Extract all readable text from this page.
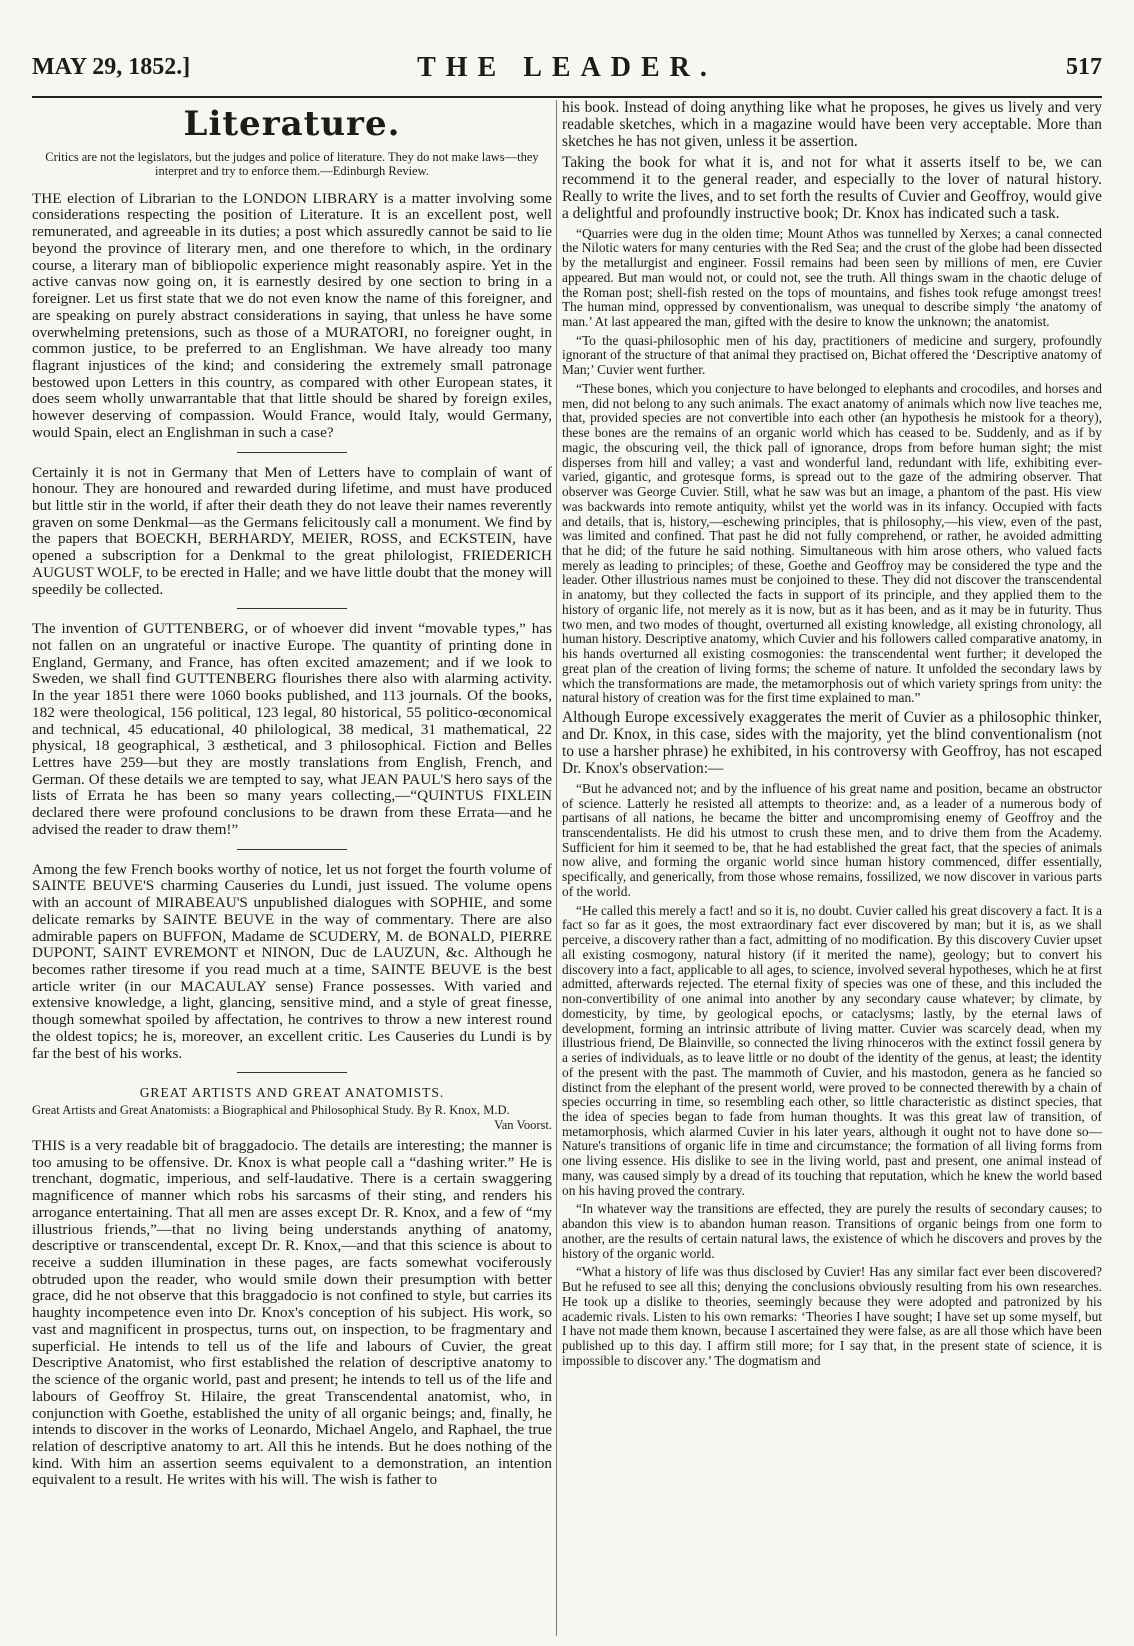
MAY 29, 1852.]	THE LEADER.	517
Literature.
Critics are not the legislators, but the judges and police of literature. They do not make laws—they interpret and try to enforce them.—Edinburgh Review.

THE election of Librarian to the LONDON LIBRARY is a matter involving some considerations respecting the position of Literature. It is an excellent post, well remunerated, and agreeable in its duties; a post which assuredly cannot be said to lie beyond the province of literary men, and one therefore to which, in the ordinary course, a literary man of bibliopolic experience might reasonably aspire. Yet in the active canvas now going on, it is earnestly desired by one section to bring in a foreigner. Let us first state that we do not even know the name of this foreigner, and are speaking on purely abstract considerations in saying, that unless he have some overwhelming pretensions, such as those of a MURATORI, no foreigner ought, in common justice, to be preferred to an Englishman. We have already too many flagrant injustices of the kind; and considering the extremely small patronage bestowed upon Letters in this country, as compared with other European states, it does seem wholly unwarrantable that that little should be shared by foreign exiles, however deserving of compassion. Would France, would Italy, would Germany, would Spain, elect an Englishman in such a case?

Certainly it is not in Germany that Men of Letters have to complain of want of honour. They are honoured and rewarded during lifetime, and must have produced but little stir in the world, if after their death they do not leave their names reverently graven on some Denkmal—as the Germans felicitously call a monument. We find by the papers that BOECKH, BERHARDY, MEIER, ROSS, and ECKSTEIN, have opened a subscription for a Denkmal to the great philologist, FRIEDERICH AUGUST WOLF, to be erected in Halle; and we have little doubt that the money will speedily be collected.

The invention of GUTTENBERG, or of whoever did invent “movable types,” has not fallen on an ungrateful or inactive Europe. The quantity of printing done in England, Germany, and France, has often excited amazement; and if we look to Sweden, we shall find GUTTENBERG flourishes there also with alarming activity. In the year 1851 there were 1060 books published, and 113 journals. Of the books, 182 were theological, 156 political, 123 legal, 80 historical, 55 politico-œconomical and technical, 45 educational, 40 philological, 38 medical, 31 mathematical, 22 physical, 18 geographical, 3 æsthetical, and 3 philosophical. Fiction and Belles Lettres have 259—but they are mostly translations from English, French, and German. Of these details we are tempted to say, what JEAN PAUL'S hero says of the lists of Errata he has been so many years collecting,—“QUINTUS FIXLEIN declared there were profound conclusions to be drawn from these Errata—and he advised the reader to draw them!”

Among the few French books worthy of notice, let us not forget the fourth volume of SAINTE BEUVE'S charming Causeries du Lundi, just issued. The volume opens with an account of MIRABEAU'S unpublished dialogues with SOPHIE, and some delicate remarks by SAINTE BEUVE in the way of commentary. There are also admirable papers on BUFFON, Madame de SCUDERY, M. de BONALD, PIERRE DUPONT, SAINT EVREMONT et NINON, Duc de LAUZUN, &c. Although he becomes rather tiresome if you read much at a time, SAINTE BEUVE is the best article writer (in our MACAULAY sense) France possesses. With varied and extensive knowledge, a light, glancing, sensitive mind, and a style of great finesse, though somewhat spoiled by affectation, he contrives to throw a new interest round the oldest topics; he is, moreover, an excellent critic. Les Causeries du Lundi is by far the best of his works.

GREAT ARTISTS AND GREAT ANATOMISTS.
Great Artists and Great Anatomists: a Biographical and Philosophical Study. By R. Knox, M.D.
Van Voorst.

THIS is a very readable bit of braggadocio. The details are interesting; the manner is too amusing to be offensive. Dr. Knox is what people call a “dashing writer.” He is trenchant, dogmatic, imperious, and self-laudative. There is a certain swaggering magnificence of manner which robs his sarcasms of their sting, and renders his arrogance entertaining. That all men are asses except Dr. R. Knox, and a few of “my illustrious friends,”—that no living being understands anything of anatomy, descriptive or transcendental, except Dr. R. Knox,—and that this science is about to receive a sudden illumination in these pages, are facts somewhat vociferously obtruded upon the reader, who would smile down their presumption with better grace, did he not observe that this braggadocio is not confined to style, but carries its haughty incompetence even into Dr. Knox's conception of his subject. His work, so vast and magnificent in prospectus, turns out, on inspection, to be fragmentary and superficial. He intends to tell us of the life and labours of Cuvier, the great Descriptive Anatomist, who first established the relation of descriptive anatomy to the science of the organic world, past and present; he intends to tell us of the life and labours of Geoffroy St. Hilaire, the great Transcendental anatomist, who, in conjunction with Goethe, established the unity of all organic beings; and, finally, he intends to discover in the works of Leonardo, Michael Angelo, and Raphael, the true relation of descriptive anatomy to art. All this he intends. But he does nothing of the kind. With him an assertion seems equivalent to a demonstration, an intention equivalent to a result. He writes with his will. The wish is father to

his book. Instead of doing anything like what he proposes, he gives us lively and very readable sketches, which in a magazine would have been very acceptable. More than sketches he has not given, unless it be assertion.

Taking the book for what it is, and not for what it asserts itself to be, we can recommend it to the general reader, and especially to the lover of natural history. Really to write the lives, and to set forth the results of Cuvier and Geoffroy, would give a delightful and profoundly instructive book; Dr. Knox has indicated such a task.

“Quarries were dug in the olden time; Mount Athos was tunnelled by Xerxes; a canal connected the Nilotic waters for many centuries with the Red Sea; and the crust of the globe had been dissected by the metallurgist and engineer. Fossil remains had been seen by millions of men, ere Cuvier appeared. But man would not, or could not, see the truth. All things swam in the chaotic deluge of the Roman post; shell-fish rested on the tops of mountains, and fishes took refuge amongst trees! The human mind, oppressed by conventionalism, was unequal to describe simply ‘the anatomy of man.’ At last appeared the man, gifted with the desire to know the unknown; the anatomist.

“To the quasi-philosophic men of his day, practitioners of medicine and surgery, profoundly ignorant of the structure of that animal they practised on, Bichat offered the ‘Descriptive anatomy of Man;’ Cuvier went further.

“These bones, which you conjecture to have belonged to elephants and crocodiles, and horses and men, did not belong to any such animals. The exact anatomy of animals which now live teaches me, that, provided species are not convertible into each other (an hypothesis he mistook for a theory), these bones are the remains of an organic world which has ceased to be. Suddenly, and as if by magic, the obscuring veil, the thick pall of ignorance, drops from before human sight; the mist disperses from hill and valley; a vast and wonderful land, redundant with life, exhibiting ever-varied, gigantic, and grotesque forms, is spread out to the gaze of the admiring observer. That observer was George Cuvier. Still, what he saw was but an image, a phantom of the past. His view was backwards into remote antiquity, whilst yet the world was in its infancy. Occupied with facts and details, that is, history,—eschewing principles, that is philosophy,—his view, even of the past, was limited and confined. That past he did not fully comprehend, or rather, he avoided admitting that he did; of the future he said nothing. Simultaneous with him arose others, who valued facts merely as leading to principles; of these, Goethe and Geoffroy may be considered the type and the leader. Other illustrious names must be conjoined to these. They did not discover the transcendental in anatomy, but they collected the facts in support of its principle, and they applied them to the history of organic life, not merely as it is now, but as it has been, and as it may be in futurity. Thus two men, and two modes of thought, overturned all existing knowledge, all existing chronology, all human history. Descriptive anatomy, which Cuvier and his followers called comparative anatomy, in his hands overturned all existing cosmogonies: the transcendental went further; it developed the great plan of the creation of living forms; the scheme of nature. It unfolded the secondary laws by which the transformations are made, the metamorphosis out of which variety springs from unity: the natural history of creation was for the first time explained to man.”

Although Europe excessively exaggerates the merit of Cuvier as a philosophic thinker, and Dr. Knox, in this case, sides with the majority, yet the blind conventionalism (not to use a harsher phrase) he exhibited, in his controversy with Geoffroy, has not escaped Dr. Knox's observation:—

“But he advanced not; and by the influence of his great name and position, became an obstructor of science. Latterly he resisted all attempts to theorize: and, as a leader of a numerous body of partisans of all nations, he became the bitter and uncompromising enemy of Geoffroy and the transcendentalists. He did his utmost to crush these men, and to drive them from the Academy. Sufficient for him it seemed to be, that he had established the great fact, that the species of animals now alive, and forming the organic world since human history commenced, differ essentially, specifically, and generically, from those whose remains, fossilized, we now discover in various parts of the world.

“He called this merely a fact! and so it is, no doubt. Cuvier called his great discovery a fact. It is a fact so far as it goes, the most extraordinary fact ever discovered by man; but it is, as we shall perceive, a discovery rather than a fact, admitting of no modification. By this discovery Cuvier upset all existing cosmogony, natural history (if it merited the name), geology; but to convert his discovery into a fact, applicable to all ages, to science, involved several hypotheses, which he at first admitted, afterwards rejected. The eternal fixity of species was one of these, and this included the non-convertibility of one animal into another by any secondary cause whatever; by climate, by domesticity, by time, by geological epochs, or cataclysms; lastly, by the eternal laws of development, forming an intrinsic attribute of living matter. Cuvier was scarcely dead, when my illustrious friend, De Blainville, so connected the living rhinoceros with the extinct fossil genera by a series of individuals, as to leave little or no doubt of the identity of the genus, at least; the identity of the present with the past. The mammoth of Cuvier, and his mastodon, genera as he fancied so distinct from the elephant of the present world, were proved to be connected therewith by a chain of species occurring in time, so resembling each other, so little characteristic as distinct species, that the idea of species began to fade from human thoughts. It was this great law of transition, of metamorphosis, which alarmed Cuvier in his later years, although it ought not to have done so—Nature's transitions of organic life in time and circumstance; the formation of all living forms from one living essence. His dislike to see in the living world, past and present, one animal instead of many, was caused simply by a dread of its touching that reputation, which he knew the world based on his having proved the contrary.

“In whatever way the transitions are effected, they are purely the results of secondary causes; to abandon this view is to abandon human reason. Transitions of organic beings from one form to another, are the results of certain natural laws, the existence of which he discovers and proves by the history of the organic world.

“What a history of life was thus disclosed by Cuvier! Has any similar fact ever been discovered? But he refused to see all this; denying the conclusions obviously resulting from his own researches. He took up a dislike to theories, seemingly because they were adopted and patronized by his academic rivals. Listen to his own remarks: ‘Theories I have sought; I have set up some myself, but I have not made them known, because I ascertained they were false, as are all those which have been published up to this day. I affirm still more; for I say that, in the present state of science, it is impossible to discover any.’ The dogmatism and
